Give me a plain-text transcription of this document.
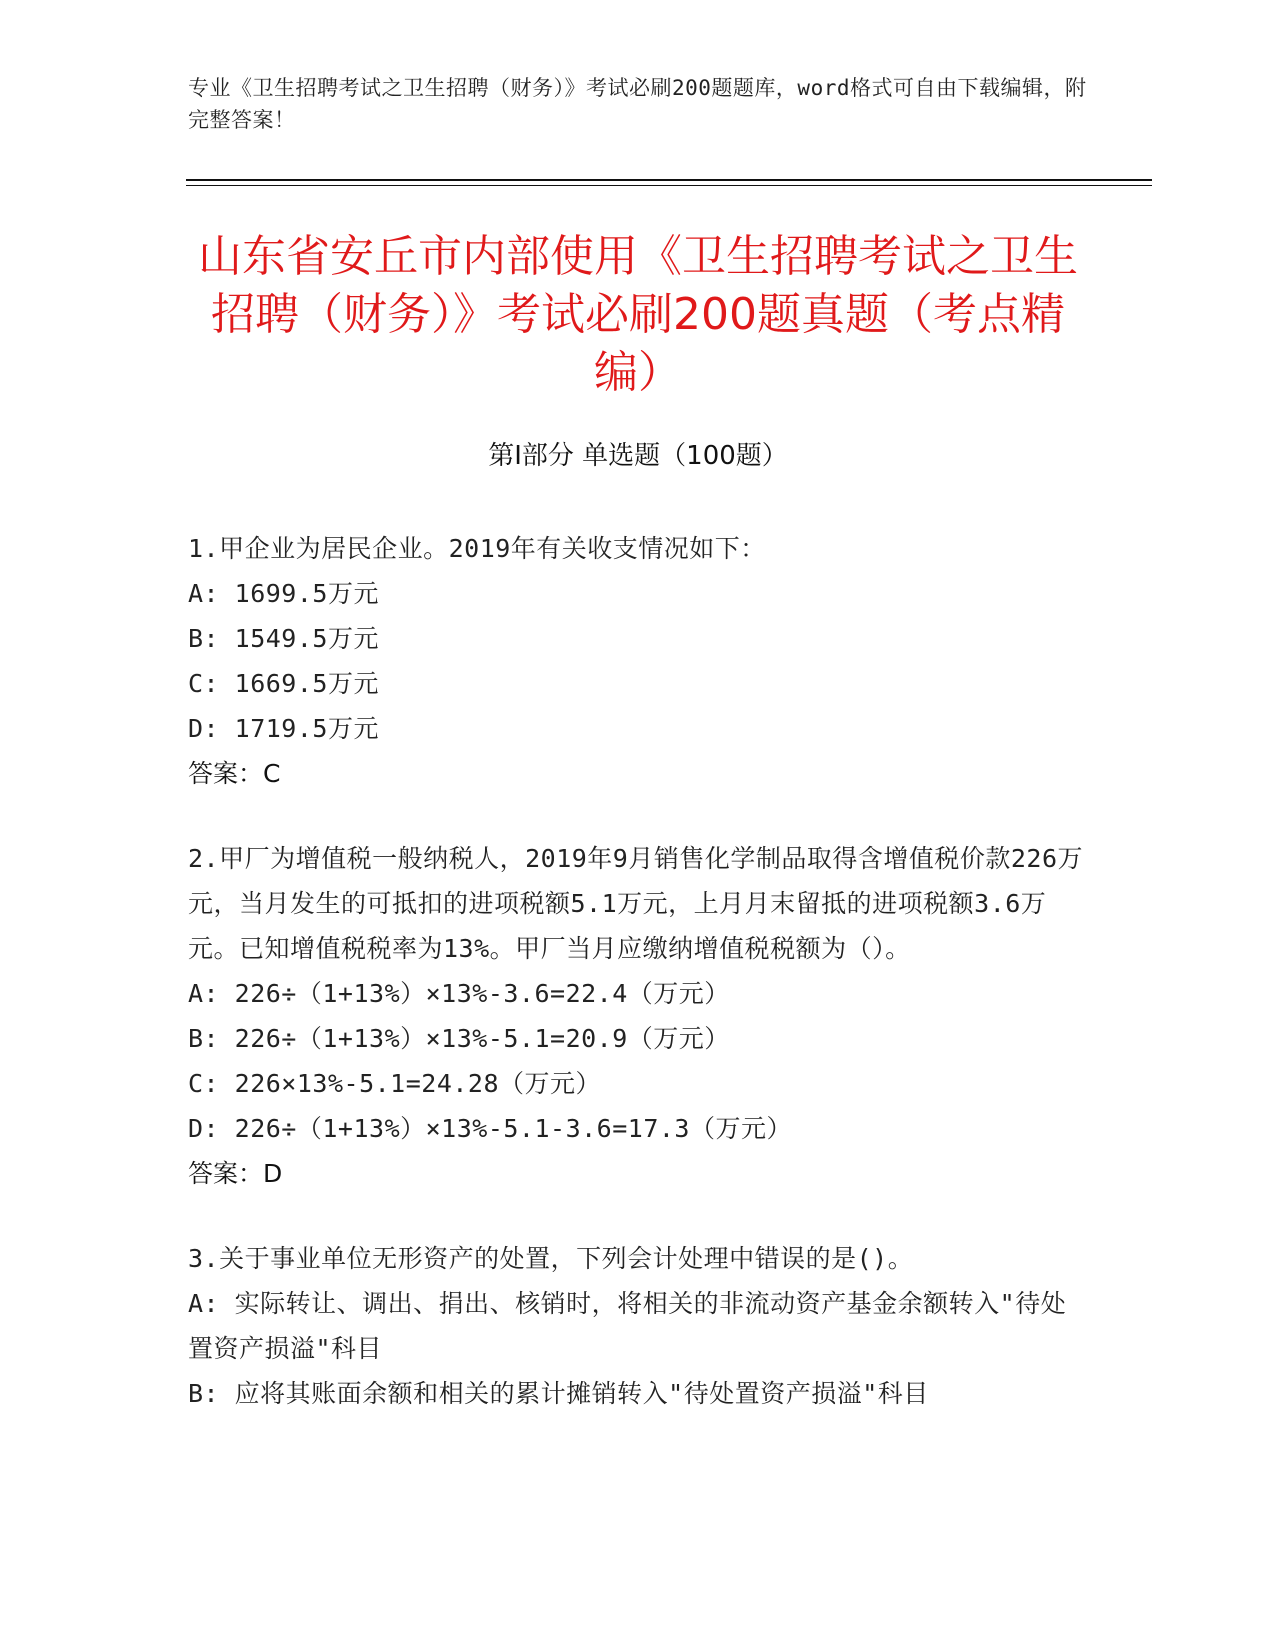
专业《卫生招聘考试之卫生招聘（财务）》考试必刷200题题库，word格式可自由下载编辑，附完整答案！
山东省安丘市内部使用《卫生招聘考试之卫生招聘（财务）》考试必刷200题真题（考点精编）
第Ⅰ部分 单选题（100题）
1.甲企业为居民企业。2019年有关收支情况如下：
A: 1699.5万元
B: 1549.5万元
C: 1669.5万元
D: 1719.5万元
答案：C
2.甲厂为增值税一般纳税人，2019年9月销售化学制品取得含增值税价款226万元，当月发生的可抵扣的进项税额5.1万元，上月月末留抵的进项税额3.6万元。已知增值税税率为13%。甲厂当月应缴纳增值税税额为（）。
A: 226÷（1+13%）×13%-3.6=22.4（万元）
B: 226÷（1+13%）×13%-5.1=20.9（万元）
C: 226×13%-5.1=24.28（万元）
D: 226÷（1+13%）×13%-5.1-3.6=17.3（万元）
答案：D
3.关于事业单位无形资产的处置，下列会计处理中错误的是()。
A: 实际转让、调出、捐出、核销时，将相关的非流动资产基金余额转入"待处置资产损溢"科目
B: 应将其账面余额和相关的累计摊销转入"待处置资产损溢"科目
